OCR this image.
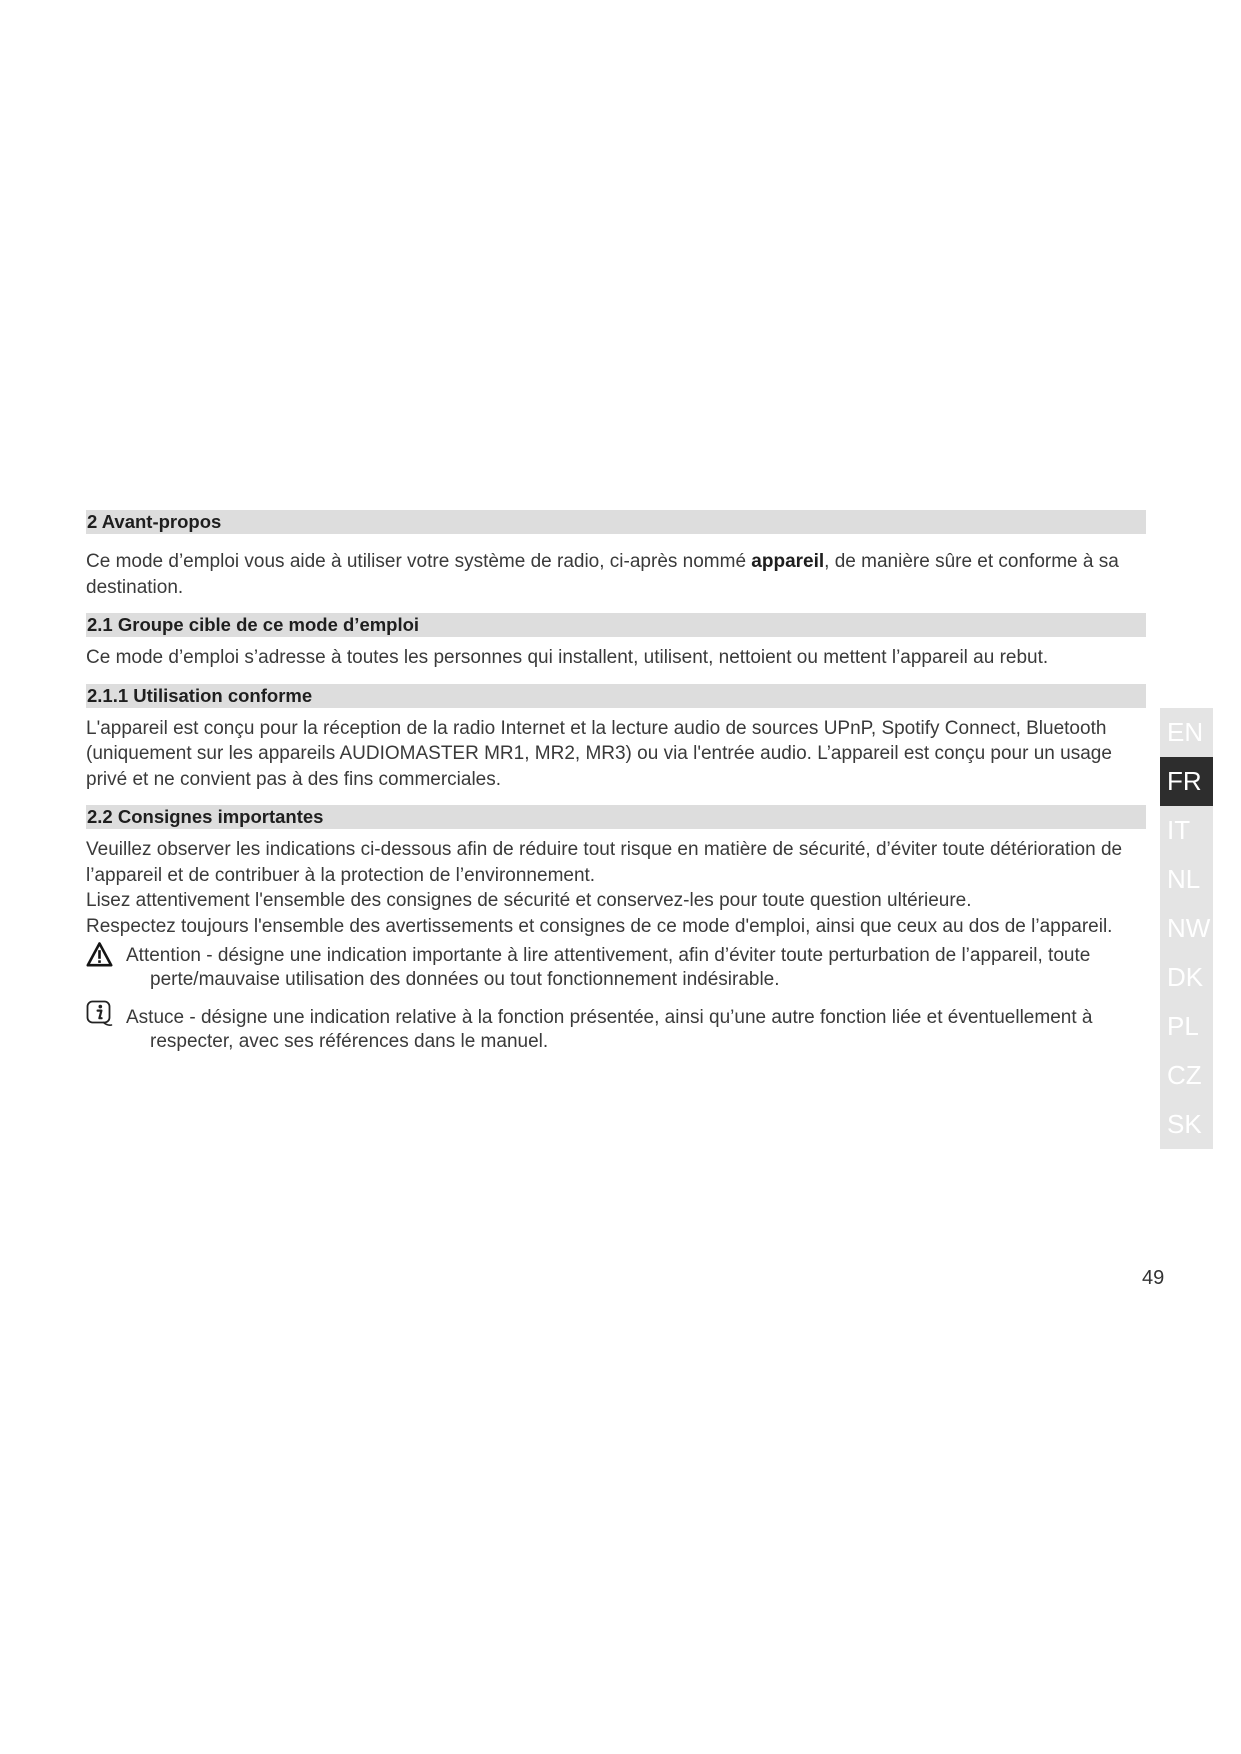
2 Avant-propos

Ce mode d’emploi vous aide à utiliser votre système de radio, ci-après nommé appareil, de manière sûre et conforme à sa destination.

2.1 Groupe cible de ce mode d’emploi

Ce mode d’emploi s’adresse à toutes les personnes qui installent, utilisent, nettoient ou mettent l’appareil au rebut.

2.1.1 Utilisation conforme

L'appareil est conçu pour la réception de la radio Internet et la lecture audio de sources UPnP, Spotify Connect, Bluetooth (uniquement sur les appareils AUDIOMASTER MR1, MR2, MR3) ou via l'entrée audio. L’appareil est conçu pour un usage privé et ne convient pas à des fins commerciales.

2.2 Consignes importantes

Veuillez observer les indications ci-dessous afin de réduire tout risque en matière de sécurité, d’éviter toute détérioration de l’appareil et de contribuer à la protection de l’environnement.

Lisez attentivement l'ensemble des consignes de sécurité et conservez-les pour toute question ultérieure.

Respectez toujours l'ensemble des avertissements et consignes de ce mode d'emploi, ainsi que ceux au dos de l’appareil.

Attention - désigne une indication importante à lire attentivement, afin d’éviter toute perturbation de l’appareil, toute perte/mauvaise utilisation des données ou tout fonctionnement indésirable.
Astuce - désigne une indication relative à la fonction présentée, ainsi qu’une autre fonction liée et éventuellement à respecter, avec ses références dans le manuel.
EN
FR
IT
NL
NW
DK
PL
CZ
SK
49
